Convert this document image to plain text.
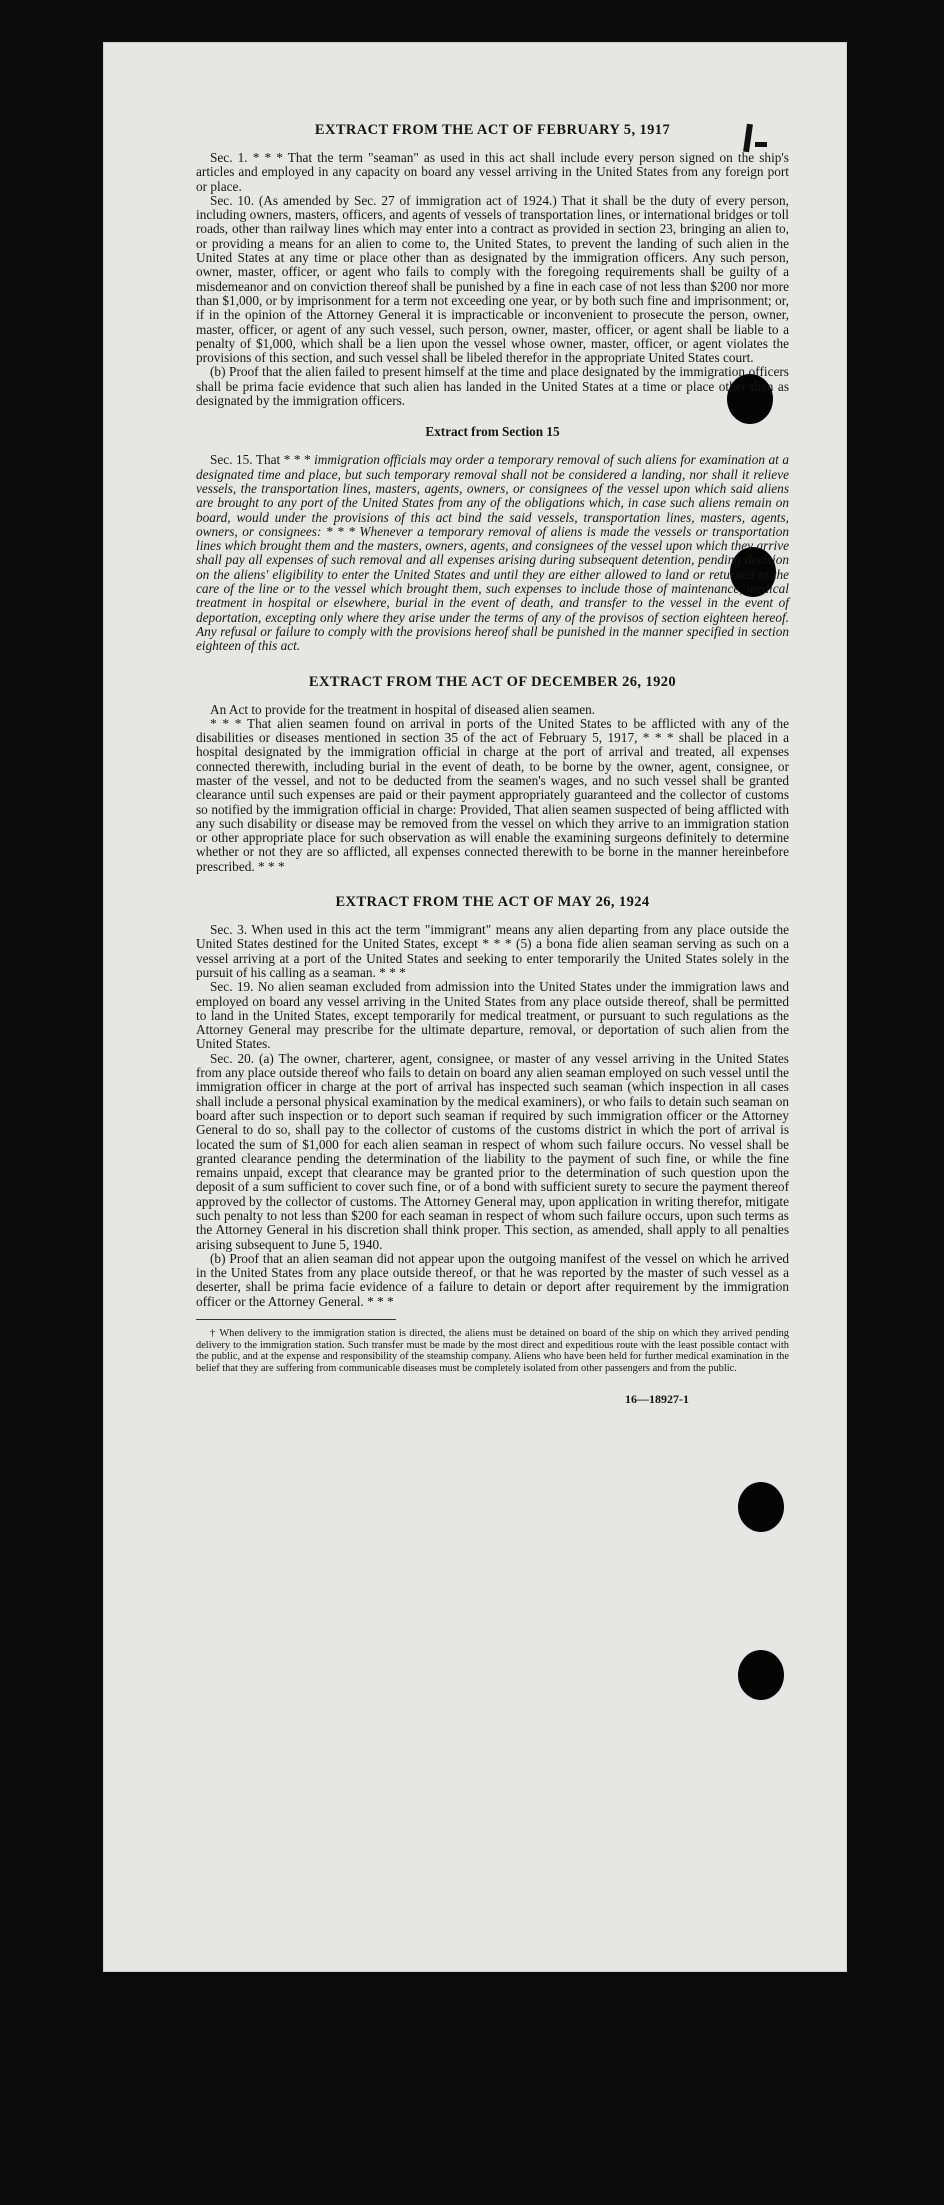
EXTRACT FROM THE ACT OF FEBRUARY 5, 1917

Sec. 1. * * * That the term "seaman" as used in this act shall include every person signed on the ship's articles and employed in any capacity on board any vessel arriving in the United States from any foreign port or place.

Sec. 10. (As amended by Sec. 27 of immigration act of 1924.) That it shall be the duty of every person, including owners, masters, officers, and agents of vessels of transportation lines, or international bridges or toll roads, other than railway lines which may enter into a contract as provided in section 23, bringing an alien to, or providing a means for an alien to come to, the United States, to prevent the landing of such alien in the United States at any time or place other than as designated by the immigration officers. Any such person, owner, master, officer, or agent who fails to comply with the foregoing requirements shall be guilty of a misdemeanor and on conviction thereof shall be punished by a fine in each case of not less than $200 nor more than $1,000, or by imprisonment for a term not exceeding one year, or by both such fine and imprisonment; or, if in the opinion of the Attorney General it is impracticable or inconvenient to prosecute the person, owner, master, officer, or agent of any such vessel, such person, owner, master, officer, or agent shall be liable to a penalty of $1,000, which shall be a lien upon the vessel whose owner, master, officer, or agent violates the provisions of this section, and such vessel shall be libeled therefor in the appropriate United States court.

(b) Proof that the alien failed to present himself at the time and place designated by the immigration officers shall be prima facie evidence that such alien has landed in the United States at a time or place other than as designated by the immigration officers.

Extract from Section 15

Sec. 15. That * * * immigration officials may order a temporary removal of such aliens for examination at a designated time and place, but such temporary removal shall not be considered a landing, nor shall it relieve vessels, the transportation lines, masters, agents, owners, or consignees of the vessel upon which said aliens are brought to any port of the United States from any of the obligations which, in case such aliens remain on board, would under the provisions of this act bind the said vessels, transportation lines, masters, agents, owners, or consignees: * * * Whenever a temporary removal of aliens is made the vessels or transportation lines which brought them and the masters, owners, agents, and consignees of the vessel upon which they arrive shall pay all expenses of such removal and all expenses arising during subsequent detention, pending decision on the aliens' eligibility to enter the United States and until they are either allowed to land or returned to the care of the line or to the vessel which brought them, such expenses to include those of maintenance, medical treatment in hospital or elsewhere, burial in the event of death, and transfer to the vessel in the event of deportation, excepting only where they arise under the terms of any of the provisos of section eighteen hereof. Any refusal or failure to comply with the provisions hereof shall be punished in the manner specified in section eighteen of this act.

EXTRACT FROM THE ACT OF DECEMBER 26, 1920

An Act to provide for the treatment in hospital of diseased alien seamen.

* * * That alien seamen found on arrival in ports of the United States to be afflicted with any of the disabilities or diseases mentioned in section 35 of the act of February 5, 1917, * * * shall be placed in a hospital designated by the immigration official in charge at the port of arrival and treated, all expenses connected therewith, including burial in the event of death, to be borne by the owner, agent, consignee, or master of the vessel, and not to be deducted from the seamen's wages, and no such vessel shall be granted clearance until such expenses are paid or their payment appropriately guaranteed and the collector of customs so notified by the immigration official in charge: Provided, That alien seamen suspected of being afflicted with any such disability or disease may be removed from the vessel on which they arrive to an immigration station or other appropriate place for such observation as will enable the examining surgeons definitely to determine whether or not they are so afflicted, all expenses connected therewith to be borne in the manner hereinbefore prescribed. * * *

EXTRACT FROM THE ACT OF MAY 26, 1924

Sec. 3. When used in this act the term "immigrant" means any alien departing from any place outside the United States destined for the United States, except * * * (5) a bona fide alien seaman serving as such on a vessel arriving at a port of the United States and seeking to enter temporarily the United States solely in the pursuit of his calling as a seaman. * * *

Sec. 19. No alien seaman excluded from admission into the United States under the immigration laws and employed on board any vessel arriving in the United States from any place outside thereof, shall be permitted to land in the United States, except temporarily for medical treatment, or pursuant to such regulations as the Attorney General may prescribe for the ultimate departure, removal, or deportation of such alien from the United States.

Sec. 20. (a) The owner, charterer, agent, consignee, or master of any vessel arriving in the United States from any place outside thereof who fails to detain on board any alien seaman employed on such vessel until the immigration officer in charge at the port of arrival has inspected such seaman (which inspection in all cases shall include a personal physical examination by the medical examiners), or who fails to detain such seaman on board after such inspection or to deport such seaman if required by such immigration officer or the Attorney General to do so, shall pay to the collector of customs of the customs district in which the port of arrival is located the sum of $1,000 for each alien seaman in respect of whom such failure occurs. No vessel shall be granted clearance pending the determination of the liability to the payment of such fine, or while the fine remains unpaid, except that clearance may be granted prior to the determination of such question upon the deposit of a sum sufficient to cover such fine, or of a bond with sufficient surety to secure the payment thereof approved by the collector of customs. The Attorney General may, upon application in writing therefor, mitigate such penalty to not less than $200 for each seaman in respect of whom such failure occurs, upon such terms as the Attorney General in his discretion shall think proper. This section, as amended, shall apply to all penalties arising subsequent to June 5, 1940.

(b) Proof that an alien seaman did not appear upon the outgoing manifest of the vessel on which he arrived in the United States from any place outside thereof, or that he was reported by the master of such vessel as a deserter, shall be prima facie evidence of a failure to detain or deport after requirement by the immigration officer or the Attorney General. * * *

† When delivery to the immigration station is directed, the aliens must be detained on board of the ship on which they arrived pending delivery to the immigration station. Such transfer must be made by the most direct and expeditious route with the least possible contact with the public, and at the expense and responsibility of the steamship company. Aliens who have been held for further medical examination in the belief that they are suffering from communicable diseases must be completely isolated from other passengers and from the public.

16—18927-1
